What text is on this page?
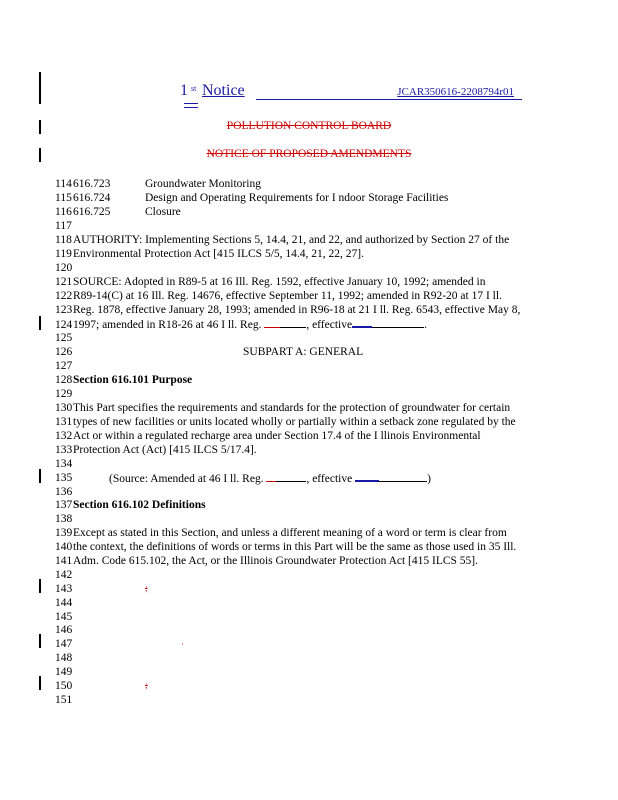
1 st Notice	JCAR350616-2208794r01
POLLUTION CONTROL BOARD
NOTICE OF PROPOSED AMENDMENTS
114616.723	Groundwater Monitoring
115616.724	Design and Operating Requirements for I ndoor Storage Facilities
116616.725	Closure
117
118AUTHORITY: Implementing Sections 5, 14.4, 21, and 22, and authorized by Section 27 of the
119Environmental Protection Act [415 ILCS 5/5, 14.4, 21, 22, 27].
120
121SOURCE: Adopted in R89-5 at 16 Ill. Reg. 1592, effective January 10, 1992; amended in
122R89-14(C) at 16 Ill. Reg. 14676, effective September 11, 1992; amended in R92-20 at 17 I ll.
123Reg. 1878, effective January 28, 1993; amended in R96-18 at 21 I ll. Reg. 6543, effective May 8,
1241997; amended in R18-26 at 46 I ll. Reg.	, effective	.
125
126	SUBPART A: GENERAL
127
128Section 616.101 Purpose
129
130This Part specifies the requirements and standards for the protection of groundwater for certain
131types of new facilities or units located wholly or partially within a setback zone regulated by the
132Act or within a regulated recharge area under Section 17.4 of the I llinois Environmental
133Protection Act (Act) [415 ILCS 5/17.4].
134
135	(Source: Amended at 46 I ll. Reg.	, effective	)
136
137Section 616.102 Definitions
138
139Except as stated in this Section, and unless a different meaning of a word or term is clear from
140the context, the definitions of words or terms in this Part will be the same as those used in 35 Ill.
141Adm. Code 615.102, the Act, or the Illinois Groundwater Protection Act [415 ILCS 55].
142
143
144
145
146
147
148
149
150
151
;
·
;
